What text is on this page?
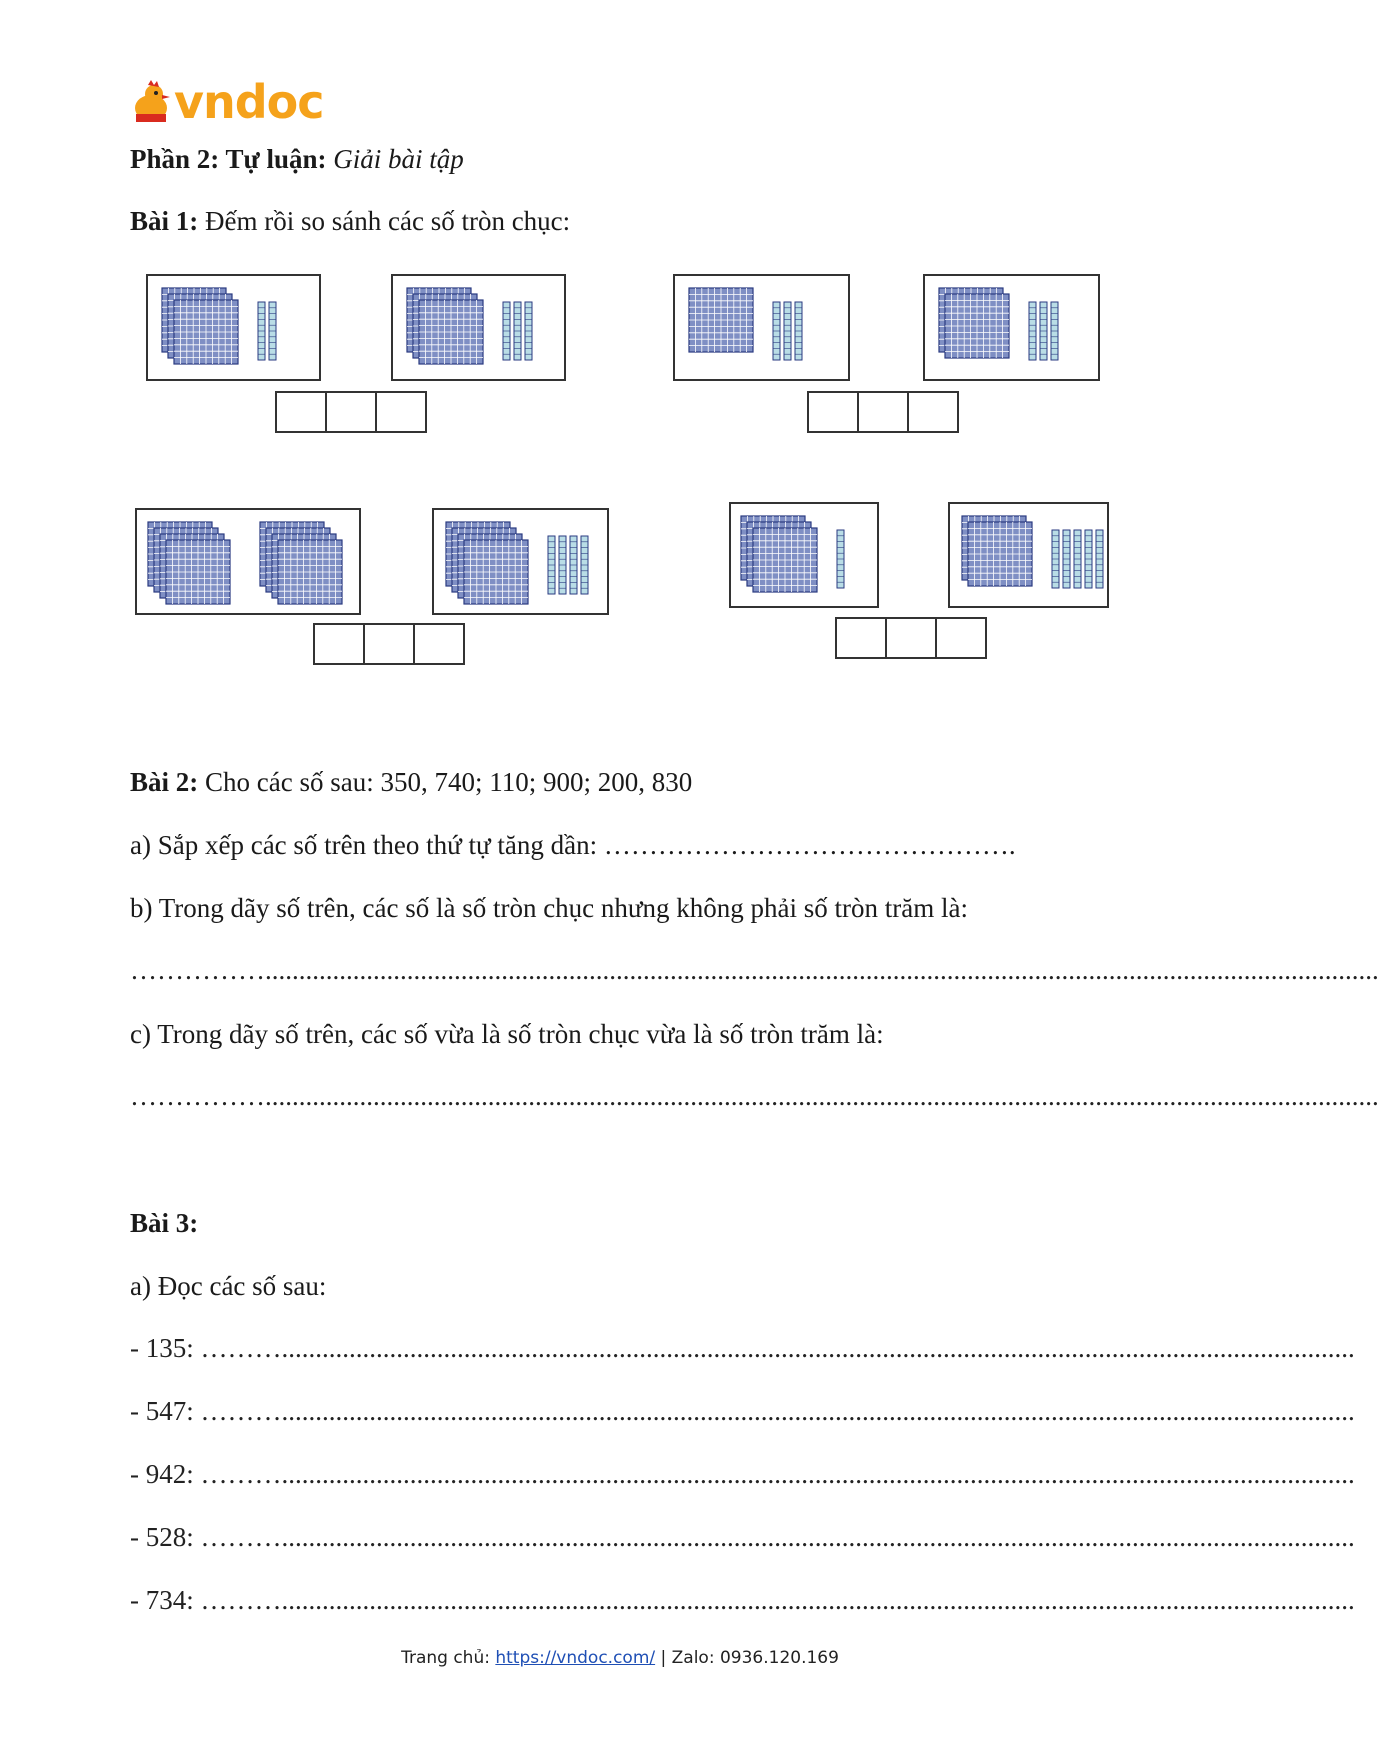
vndoc
Phần 2: Tự luận: Giải bài tập
Bài 1: Đếm rồi so sánh các số tròn chục:
Bài 2: Cho các số sau: 350, 740; 110; 900; 200, 830
a) Sắp xếp các số trên theo thứ tự tăng dần: ……………………………………….
b) Trong dãy số trên, các số là số tròn chục nhưng không phải số tròn trăm là:
…………….....................................................................................................................................................................
c) Trong dãy số trên, các số vừa là số tròn chục vừa là số tròn trăm là:
…………….....................................................................................................................................................................
Bài 3:
a) Đọc các số sau:
- 135: ………...............................................................................................................................................................
- 547: ………...............................................................................................................................................................
- 942: ………...............................................................................................................................................................
- 528: ………...............................................................................................................................................................
- 734: ………...............................................................................................................................................................
Trang chủ: https://vndoc.com/ | Zalo: 0936.120.169
